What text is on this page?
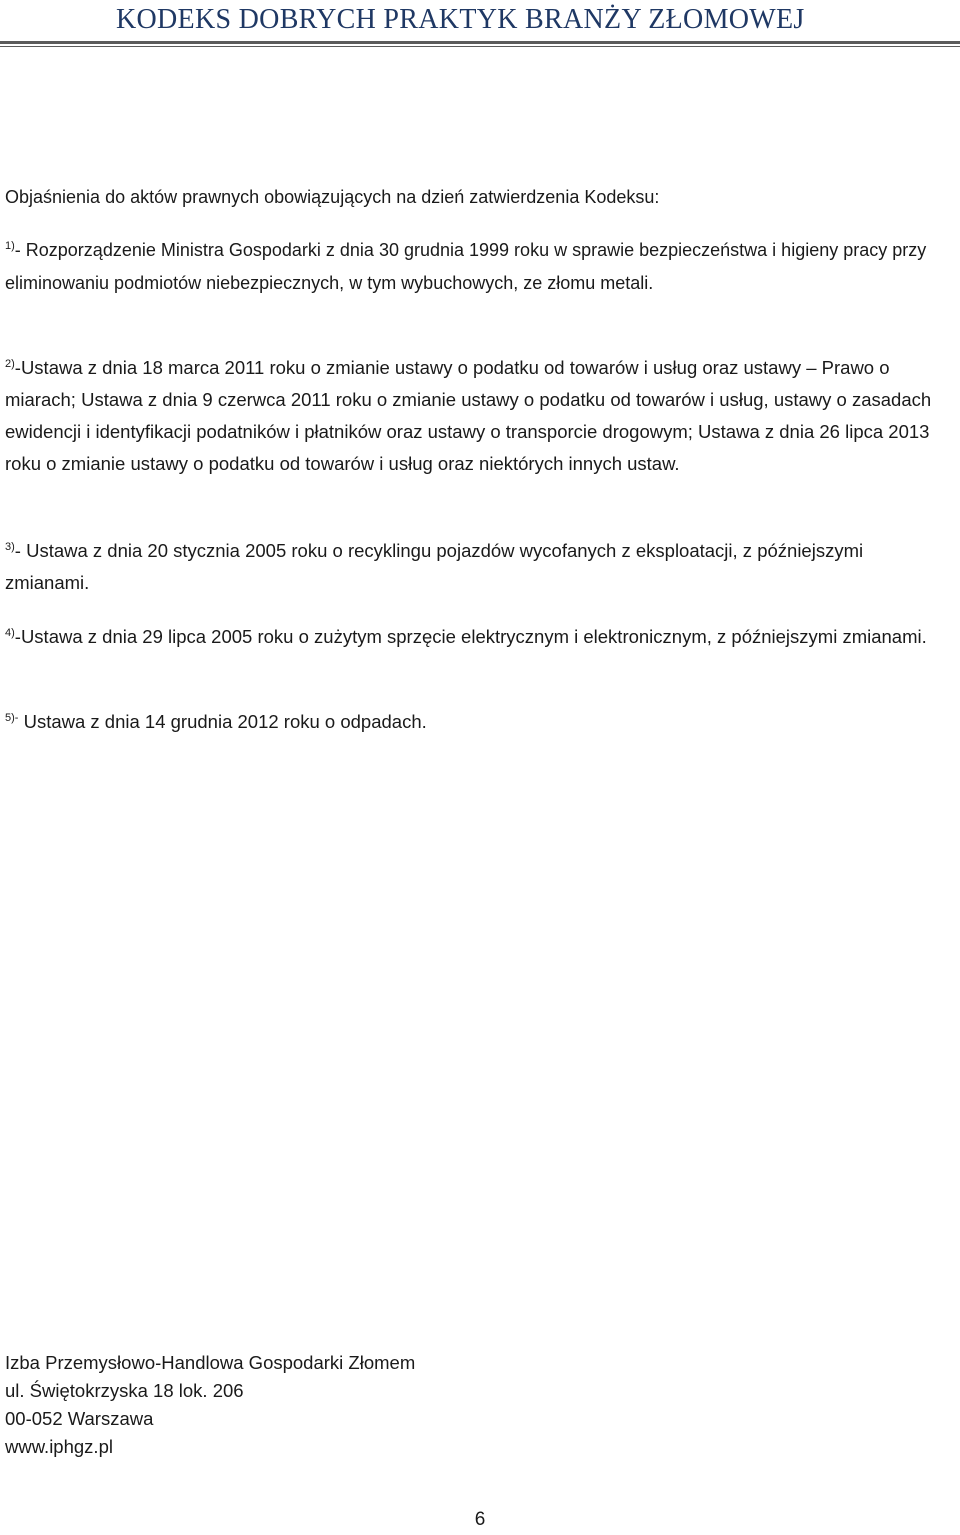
KODEKS DOBRYCH PRAKTYK BRANŻY ZŁOMOWEJ
Objaśnienia do aktów prawnych obowiązujących na dzień zatwierdzenia Kodeksu:
$^{1)}$- Rozporządzenie Ministra Gospodarki z dnia 30 grudnia 1999 roku w sprawie bezpieczeństwa i higieny pracy przy eliminowaniu podmiotów niebezpiecznych, w tym wybuchowych, ze złomu metali.
$^{2)}$-Ustawa z dnia 18 marca 2011 roku o zmianie ustawy o podatku od towarów i usług oraz ustawy – Prawo o miarach; Ustawa z dnia 9 czerwca 2011 roku o zmianie ustawy o podatku od towarów i usług, ustawy o zasadach ewidencji i identyfikacji podatników i płatników oraz ustawy o transporcie drogowym; Ustawa z dnia 26 lipca 2013 roku o zmianie ustawy o podatku od towarów i usług oraz niektórych innych ustaw.
$^{3)}$- Ustawa z dnia 20 stycznia 2005 roku o recyklingu pojazdów wycofanych z eksploatacji, z późniejszymi zmianami.
$^{4)}$-Ustawa z dnia 29 lipca 2005 roku o zużytym sprzęcie elektrycznym i elektronicznym, z późniejszymi zmianami.
$^{5)-}$ Ustawa z dnia 14 grudnia 2012 roku o odpadach.
Izba Przemysłowo-Handlowa Gospodarki Złomem
ul. Świętokrzyska 18 lok. 206
00-052 Warszawa
www.iphgz.pl
6
